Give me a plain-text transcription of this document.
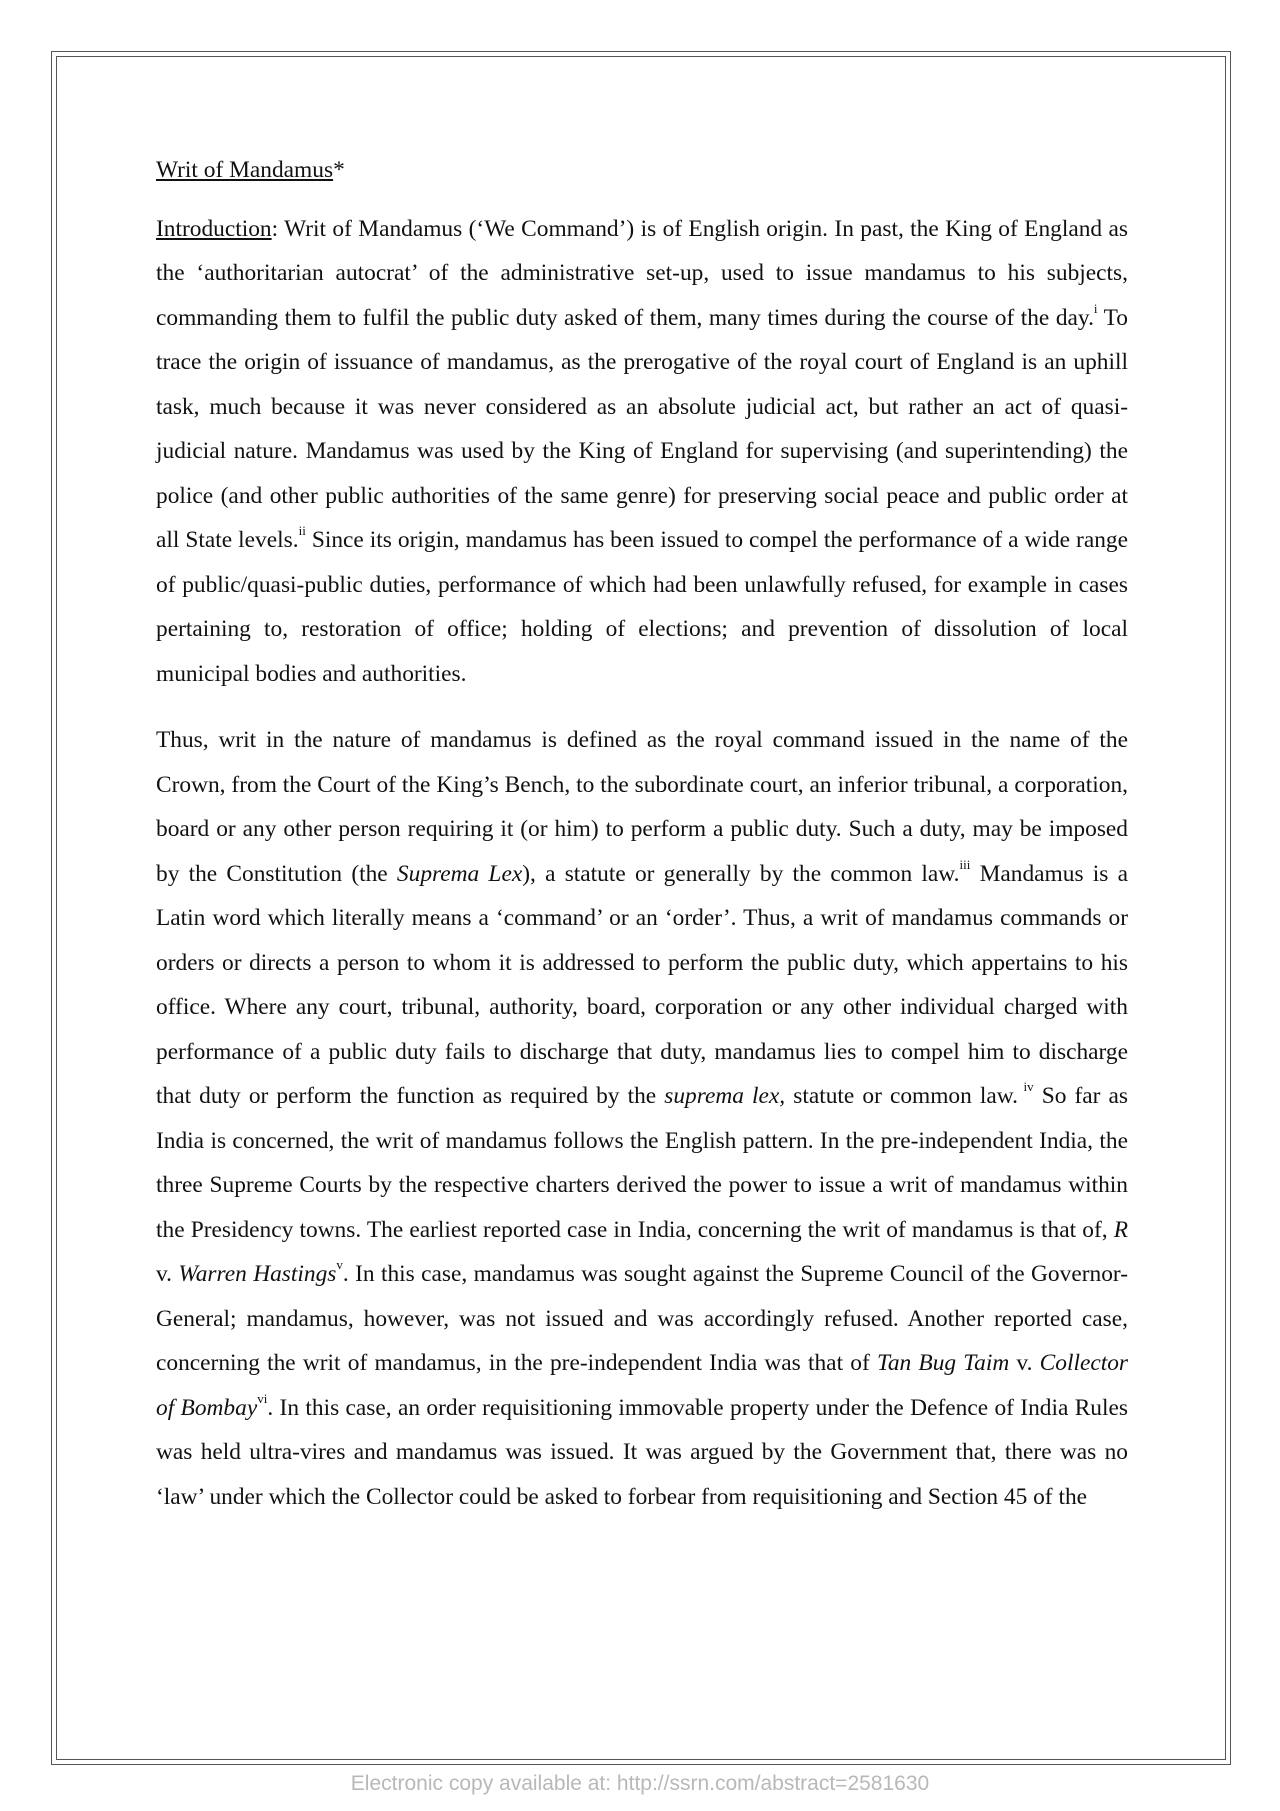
Writ of Mandamus*

Introduction: Writ of Mandamus (‘We Command’) is of English origin. In past, the King of England as the ‘authoritarian autocrat’ of the administrative set-up, used to issue mandamus to his subjects, commanding them to fulfil the public duty asked of them, many times during the course of the day.$^i$ To trace the origin of issuance of mandamus, as the prerogative of the royal court of England is an uphill task, much because it was never considered as an absolute judicial act, but rather an act of quasi-judicial nature. Mandamus was used by the King of England for supervising (and superintending) the police (and other public authorities of the same genre) for preserving social peace and public order at all State levels.$^{ii}$ Since its origin, mandamus has been issued to compel the performance of a wide range of public/quasi-public duties, performance of which had been unlawfully refused, for example in cases pertaining to, restoration of office; holding of elections; and prevention of dissolution of local municipal bodies and authorities.

Thus, writ in the nature of mandamus is defined as the royal command issued in the name of the Crown, from the Court of the King’s Bench, to the subordinate court, an inferior tribunal, a corporation, board or any other person requiring it (or him) to perform a public duty. Such a duty, may be imposed by the Constitution (the Suprema Lex), a statute or generally by the common law.$^{iii}$ Mandamus is a Latin word which literally means a ‘command’ or an ‘order’. Thus, a writ of mandamus commands or orders or directs a person to whom it is addressed to perform the public duty, which appertains to his office. Where any court, tribunal, authority, board, corporation or any other individual charged with performance of a public duty fails to discharge that duty, mandamus lies to compel him to discharge that duty or perform the function as required by the suprema lex, statute or common law. $^{iv}$ So far as India is concerned, the writ of mandamus follows the English pattern. In the pre-independent India, the three Supreme Courts by the respective charters derived the power to issue a writ of mandamus within the Presidency towns. The earliest reported case in India, concerning the writ of mandamus is that of, R v. Warren Hastings$^v$. In this case, mandamus was sought against the Supreme Council of the Governor-General; mandamus, however, was not issued and was accordingly refused. Another reported case, concerning the writ of mandamus, in the pre-independent India was that of Tan Bug Taim v. Collector of Bombay$^{vi}$. In this case, an order requisitioning immovable property under the Defence of India Rules was held ultra-vires and mandamus was issued. It was argued by the Government that, there was no ‘law’ under which the Collector could be asked to forbear from requisitioning and Section 45 of the

Electronic copy available at: http://ssrn.com/abstract=2581630
